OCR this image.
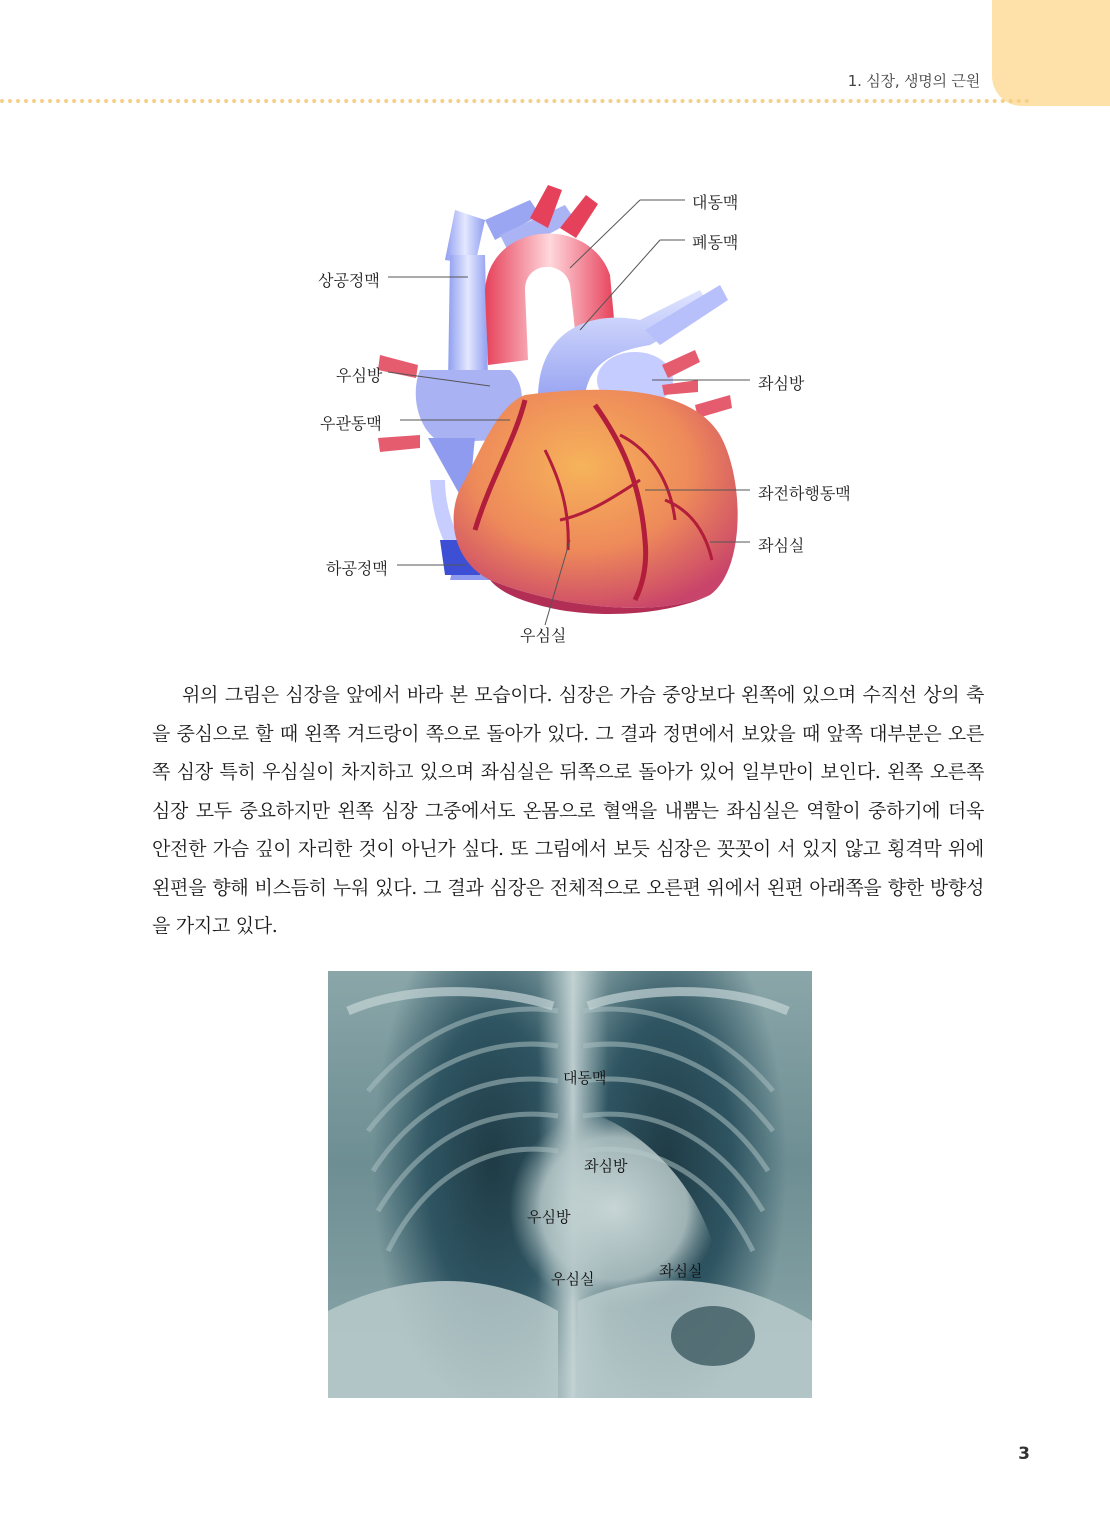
1. 심장, 생명의 근원
대동맥
폐동맥
상공정맥
우심방
우관동맥
좌심방
좌전하행동맥
좌심실
하공정맥
우심실

위의 그림은 심장을 앞에서 바라 본 모습이다. 심장은 가슴 중앙보다 왼쪽에 있으며 수직선 상의 축을 중심으로 할 때 왼쪽 겨드랑이 쪽으로 돌아가 있다. 그 결과 정면에서 보았을 때 앞쪽 대부분은 오른쪽 심장 특히 우심실이 차지하고 있으며 좌심실은 뒤쪽으로 돌아가 있어 일부만이 보인다. 왼쪽 오른쪽 심장 모두 중요하지만 왼쪽 심장 그중에서도 온몸으로 혈액을 내뿜는 좌심실은 역할이 중하기에 더욱 안전한 가슴 깊이 자리한 것이 아닌가 싶다. 또 그림에서 보듯 심장은 꼿꼿이 서 있지 않고 횡격막 위에 왼편을 향해 비스듬히 누워 있다. 그 결과 심장은 전체적으로 오른편 위에서 왼편 아래쪽을 향한 방향성을 가지고 있다.

대동맥
좌심방
우심방
우심실	좌심실
3
